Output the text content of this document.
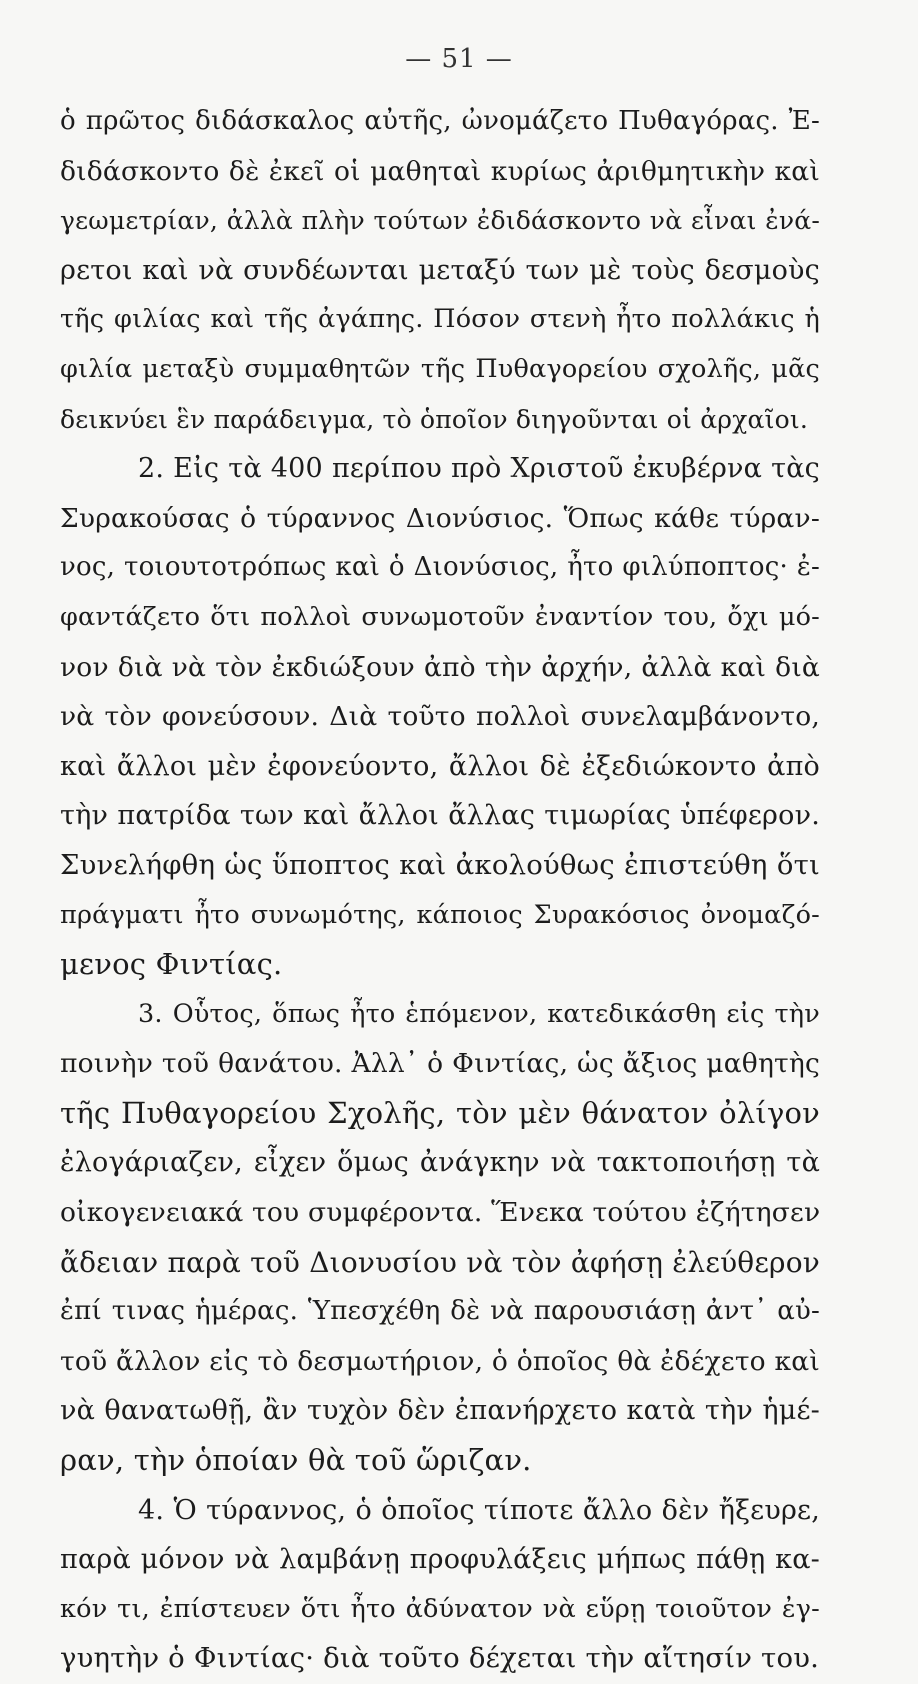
— 51 —
ὁ πρῶτος διδάσκαλος αὐτῆς, ὠνομάζετο Πυθαγόρας. Ἐ-
διδάσκοντο δὲ ἐκεῖ οἱ μαθηταὶ κυρίως ἀριθμητικὴν καὶ
γεωμετρίαν, ἀλλὰ πλὴν τούτων ἐδιδάσκοντο νὰ εἶναι ἐνά-
ρετοι καὶ νὰ συνδέωνται μεταξύ των μὲ τοὺς δεσμοὺς
τῆς φιλίας καὶ τῆς ἀγάπης. Πόσον στενὴ ἦτο πολλάκις ἡ
φιλία μεταξὺ συμμαθητῶν τῆς Πυθαγορείου σχολῆς, μᾶς
δεικνύει ἓν παράδειγμα, τὸ ὁποῖον διηγοῦνται οἱ ἀρχαῖοι.
2. Εἰς τὰ 400 περίπου πρὸ Χριστοῦ ἐκυβέρνα τὰς
Συρακούσας ὁ τύραννος Διονύσιος. Ὅπως κάθε τύραν-
νος, τοιουτοτρόπως καὶ ὁ Διονύσιος, ἦτο φιλύποπτος· ἐ-
φαντάζετο ὅτι πολλοὶ συνωμοτοῦν ἐναντίον του, ὄχι μό-
νον διὰ νὰ τὸν ἐκδιώξουν ἀπὸ τὴν ἀρχήν, ἀλλὰ καὶ διὰ
νὰ τὸν φονεύσουν. Διὰ τοῦτο πολλοὶ συνελαμβάνοντο,
καὶ ἄλλοι μὲν ἐφονεύοντο, ἄλλοι δὲ ἐξεδιώκοντο ἀπὸ
τὴν πατρίδα των καὶ ἄλλοι ἄλλας τιμωρίας ὑπέφερον.
Συνελήφθη ὡς ὕποπτος καὶ ἀκολούθως ἐπιστεύθη ὅτι
πράγματι ἦτο συνωμότης, κάποιος Συρακόσιος ὀνομαζό-
μενος Φιντίας.
3. Οὗτος, ὅπως ἦτο ἑπόμενον, κατεδικάσθη εἰς τὴν
ποινὴν τοῦ θανάτου. Ἀλλ᾽ ὁ Φιντίας, ὡς ἄξιος μαθητὴς
τῆς Πυθαγορείου Σχολῆς, τὸν μὲν θάνατον ὀλίγον
ἐλογάριαζεν, εἶχεν ὅμως ἀνάγκην νὰ τακτοποιήσῃ τὰ
οἰκογενειακά του συμφέροντα. Ἕνεκα τούτου ἐζήτησεν
ἄδειαν παρὰ τοῦ Διονυσίου νὰ τὸν ἀφήσῃ ἐλεύθερον
ἐπί τινας ἡμέρας. Ὑπεσχέθη δὲ νὰ παρουσιάσῃ ἀντ᾽ αὐ-
τοῦ ἄλλον εἰς τὸ δεσμωτήριον, ὁ ὁποῖος θὰ ἐδέχετο καὶ
νὰ θανατωθῇ, ἂν τυχὸν δὲν ἐπανήρχετο κατὰ τὴν ἡμέ-
ραν, τὴν ὁποίαν θὰ τοῦ ὥριζαν.
4. Ὁ τύραννος, ὁ ὁποῖος τίποτε ἄλλο δὲν ἤξευρε,
παρὰ μόνον νὰ λαμβάνῃ προφυλάξεις μήπως πάθῃ κα-
κόν τι, ἐπίστευεν ὅτι ἦτο ἀδύνατον νὰ εὕρῃ τοιοῦτον ἐγ-
γυητὴν ὁ Φιντίας· διὰ τοῦτο δέχεται τὴν αἴτησίν του.
